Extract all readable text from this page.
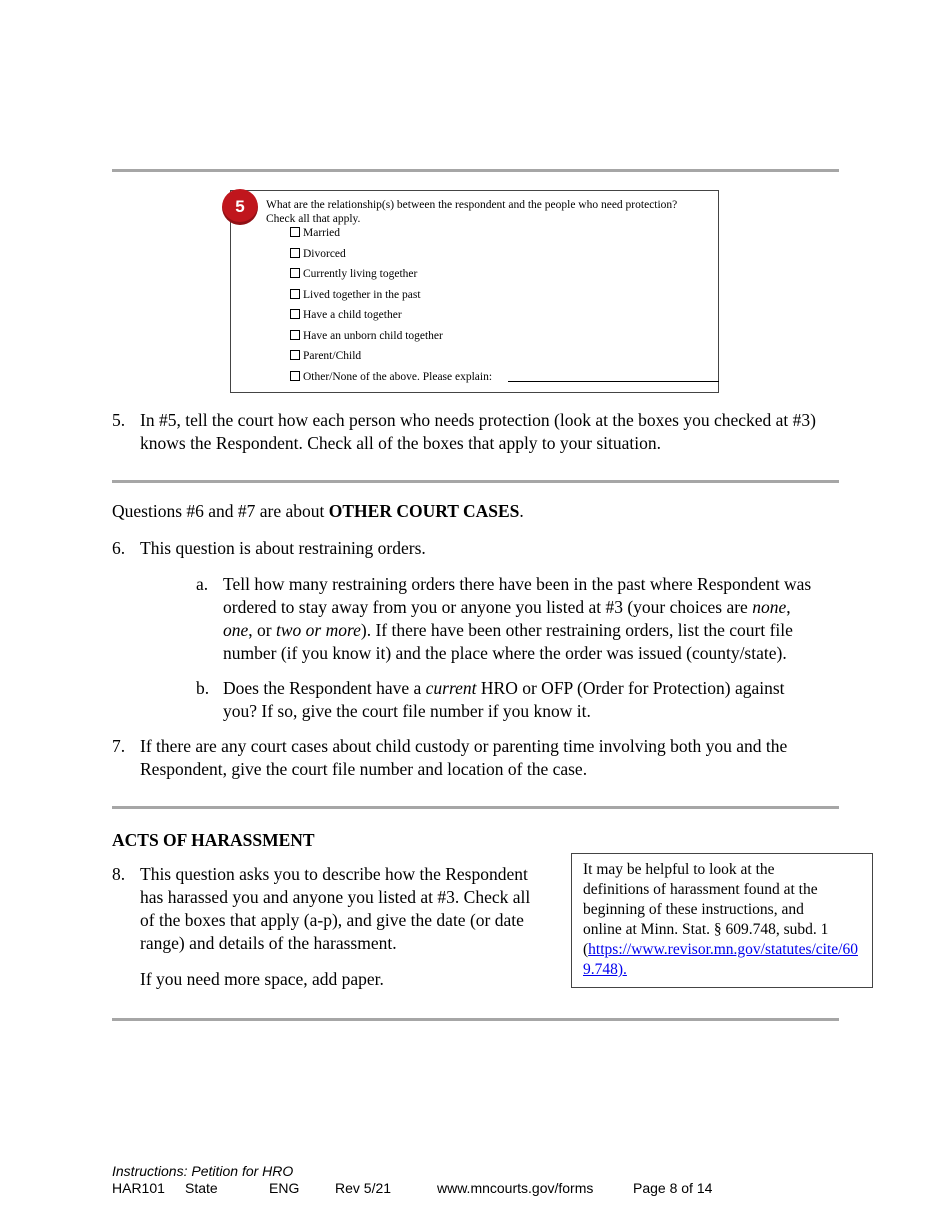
What are the relationship(s) between the respondent and the people who need protection?
Check all that apply.
Married
Divorced
Currently living together
Lived together in the past
Have a child together
Have an unborn child together
Parent/Child
Other/None of the above. Please explain:
5
5. In #5, tell the court how each person who needs protection (look at the boxes you checked at #3)
knows the Respondent. Check all of the boxes that apply to your situation.
Questions #6 and #7 are about OTHER COURT CASES.
6. This question is about restraining orders.
a. Tell how many restraining orders there have been in the past where Respondent was
ordered to stay away from you or anyone you listed at #3 (your choices are none,
one, or two or more). If there have been other restraining orders, list the court file
number (if you know it) and the place where the order was issued (county/state).
b. Does the Respondent have a current HRO or OFP (Order for Protection) against
you? If so, give the court file number if you know it.
7. If there are any court cases about child custody or parenting time involving both you and the
Respondent, give the court file number and location of the case.
ACTS OF HARASSMENT
8. This question asks you to describe how the Respondent
has harassed you and anyone you listed at #3. Check all
of the boxes that apply (a-p), and give the date (or date
range) and details of the harassment.
If you need more space, add paper.
It may be helpful to look at the
definitions of harassment found at the
beginning of these instructions, and
online at Minn. Stat. § 609.748, subd. 1
(https://www.revisor.mn.gov/statutes/cite/609.748).
Instructions: Petition for HRO
HAR101 State	ENG	Rev 5/21	www.mncourts.gov/forms	Page 8 of 14
